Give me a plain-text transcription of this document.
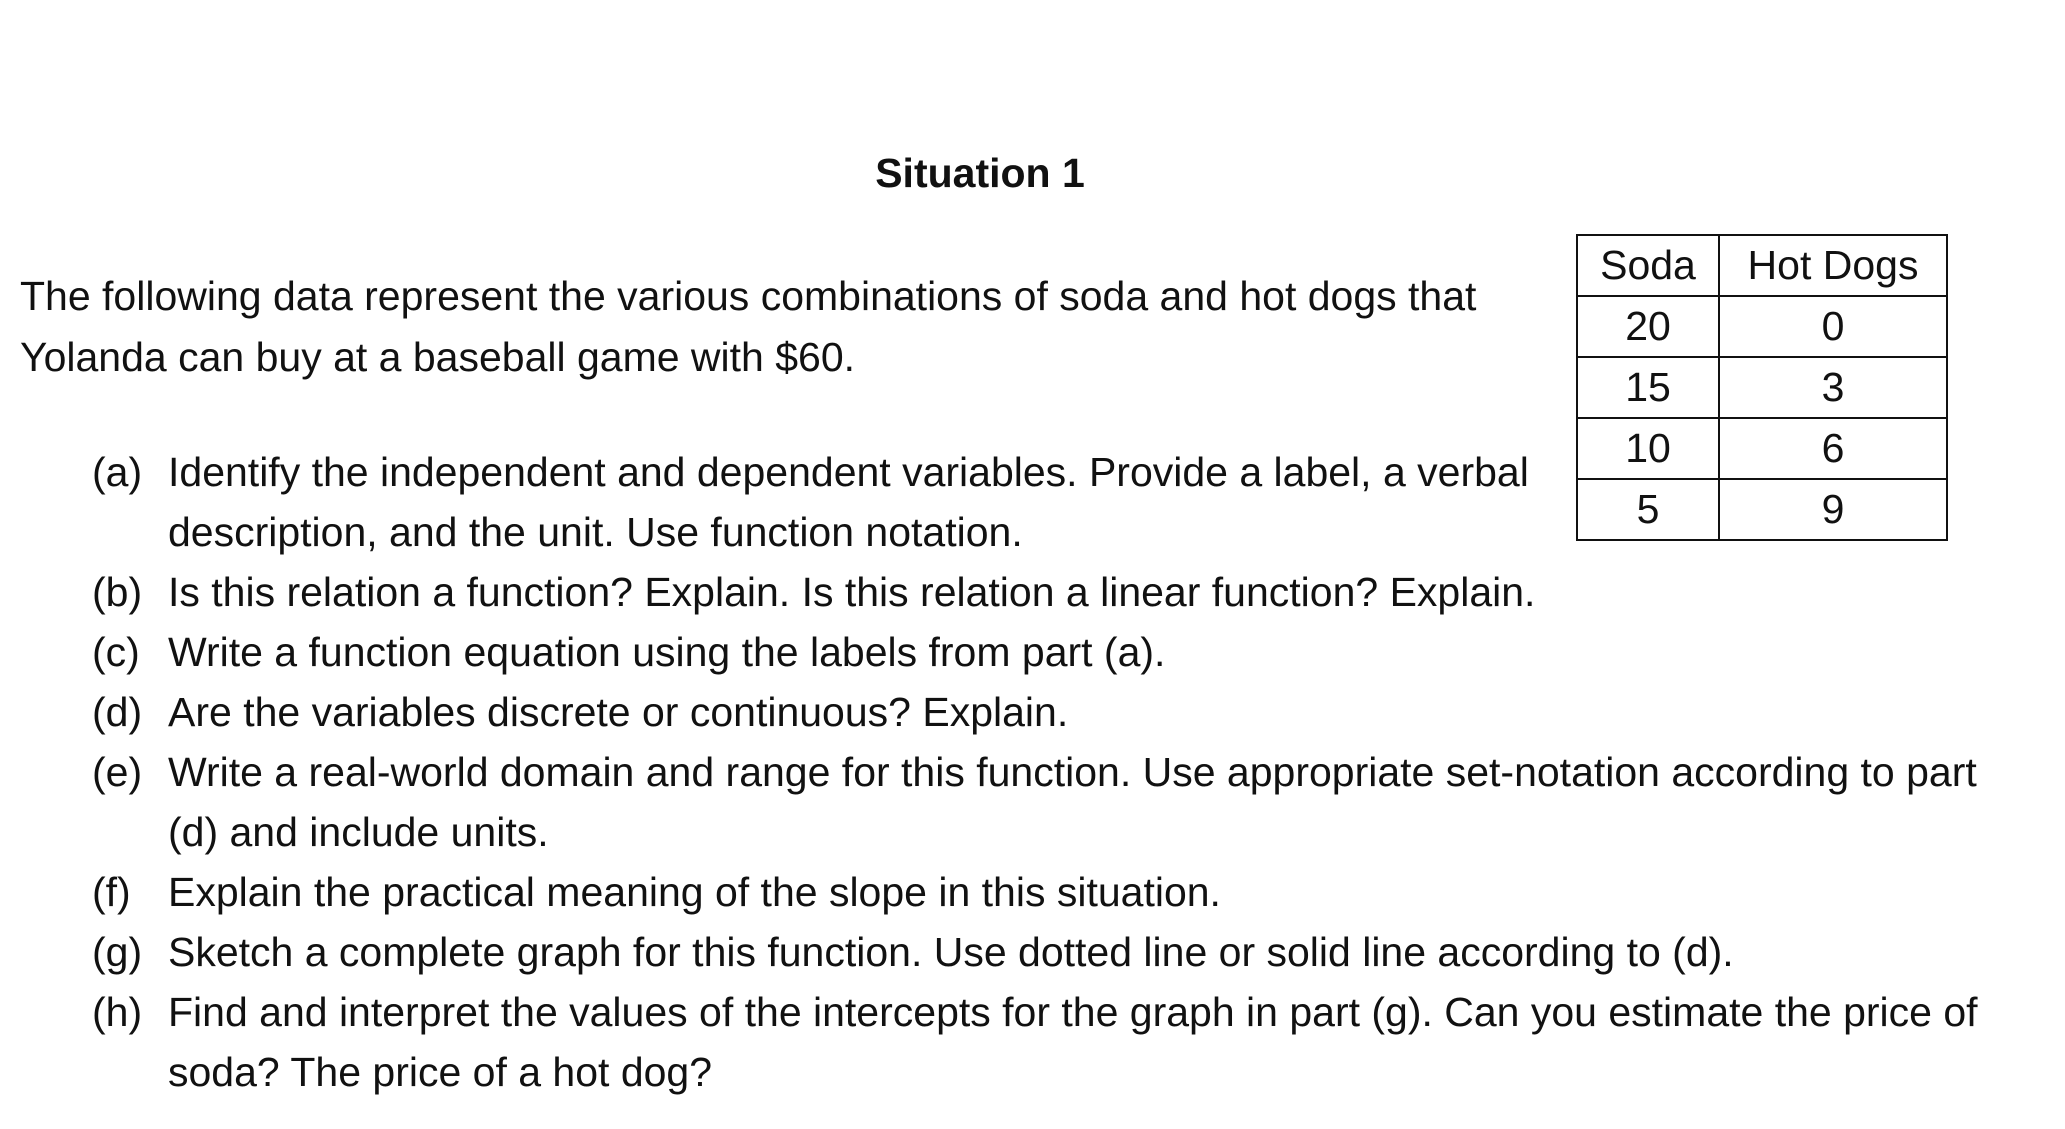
Situation 1

The following data represent the various combinations of soda and hot dogs that Yolanda can buy at a baseball game with $60.

Soda	Hot Dogs
20	0
15	3
10	6
5	9
(a) Identify the independent and dependent variables. Provide a label, a verbal description, and the unit. Use function notation.
(b) Is this relation a function? Explain. Is this relation a linear function? Explain.
(c) Write a function equation using the labels from part (a).
(d) Are the variables discrete or continuous? Explain.
(e) Write a real-world domain and range for this function. Use appropriate set-notation according to part (d) and include units.
(f) Explain the practical meaning of the slope in this situation.
(g) Sketch a complete graph for this function. Use dotted line or solid line according to (d).
(h) Find and interpret the values of the intercepts for the graph in part (g). Can you estimate the price of soda? The price of a hot dog?
